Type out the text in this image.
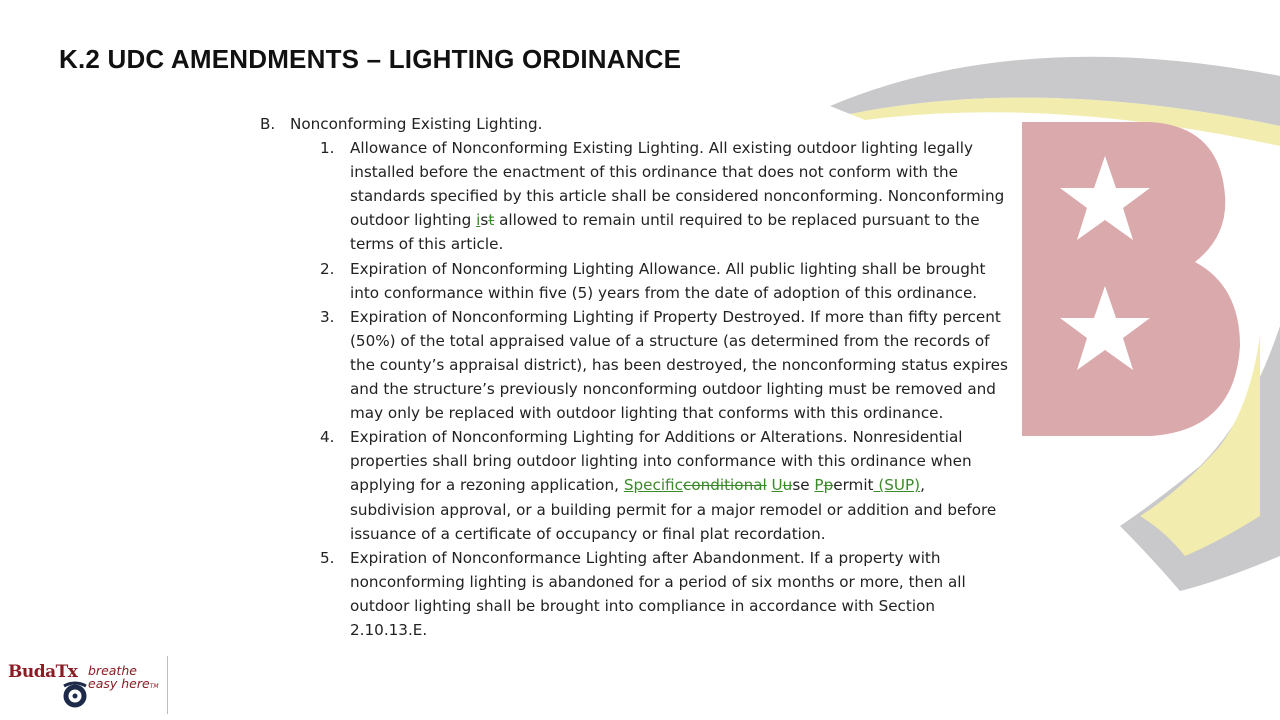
K.2 UDC AMENDMENTS – LIGHTING ORDINANCE
B. Nonconforming Existing Lighting.
1.	Allowance of Nonconforming Existing Lighting. All existing outdoor lighting legally installed before the enactment of this ordinance that does not conform with the standards specified by this article shall be considered nonconforming. Nonconforming outdoor lighting ist allowed to remain until required to be replaced pursuant to the terms of this article.
2.	Expiration of Nonconforming Lighting Allowance. All public lighting shall be brought into conformance within five (5) years from the date of adoption of this ordinance.
3.	Expiration of Nonconforming Lighting if Property Destroyed. If more than fifty percent (50%) of the total appraised value of a structure (as determined from the records of the county’s appraisal district), has been destroyed, the nonconforming status expires and the structure’s previously nonconforming outdoor lighting must be removed and may only be replaced with outdoor lighting that conforms with this ordinance.
4.	Expiration of Nonconforming Lighting for Additions or Alterations. Nonresidential properties shall bring outdoor lighting into conformance with this ordinance when applying for a rezoning application, Specificconditional Uuse Ppermit (SUP), subdivision approval, or a building permit for a major remodel or addition and before issuance of a certificate of occupancy or final plat recordation.
5.	Expiration of Nonconformance Lighting after Abandonment. If a property with nonconforming lighting is abandoned for a period of six months or more, then all outdoor lighting shall be brought into compliance in accordance with Section 2.10.13.E.
BudaTx breathe
easy hereTM
